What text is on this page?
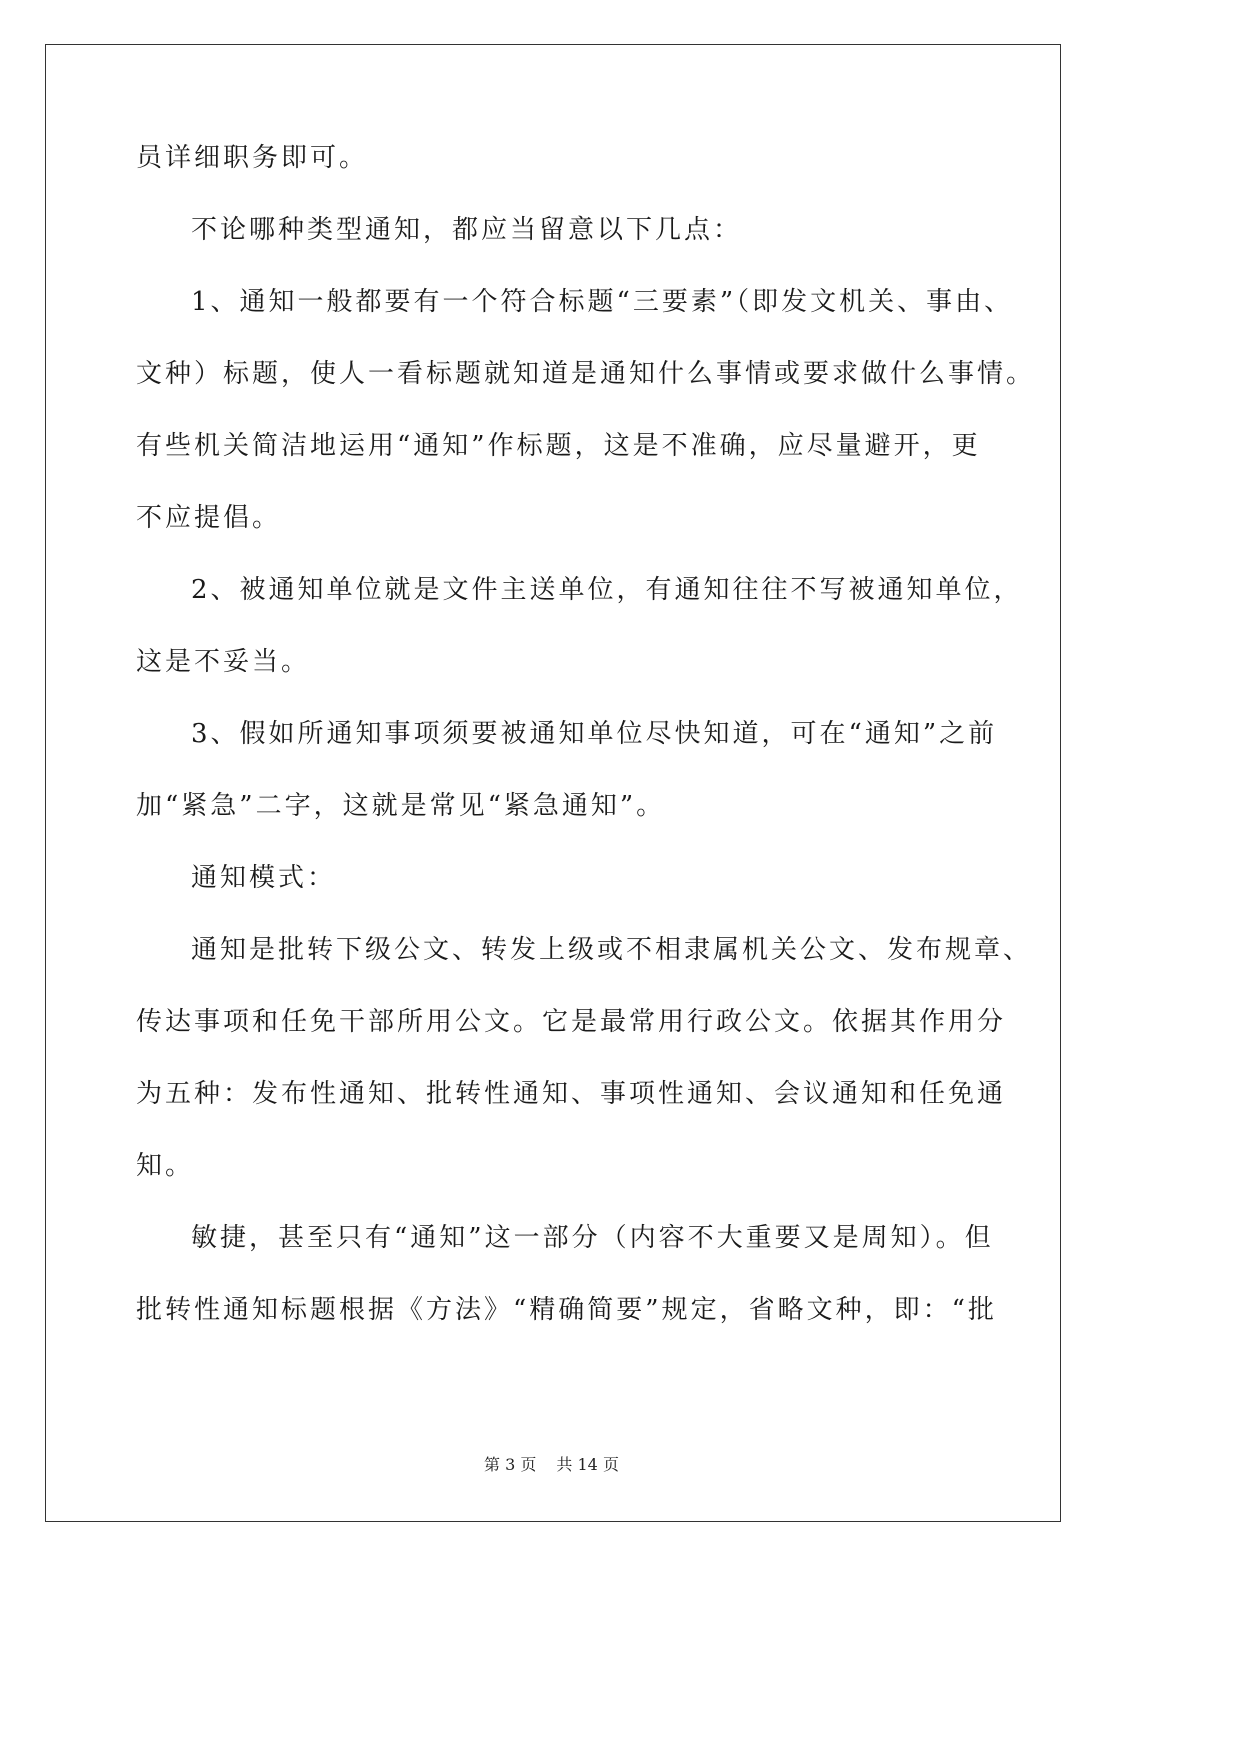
员详细职务即可。
不论哪种类型通知，都应当留意以下几点：
1、通知一般都要有一个符合标题“三要素”（即发文机关、事由、
文种）标题，使人一看标题就知道是通知什么事情或要求做什么事情。
有些机关简洁地运用“通知”作标题，这是不准确，应尽量避开，更
不应提倡。
2、被通知单位就是文件主送单位，有通知往往不写被通知单位，
这是不妥当。
3、假如所通知事项须要被通知单位尽快知道，可在“通知”之前
加“紧急”二字，这就是常见“紧急通知”。
通知模式：
通知是批转下级公文、转发上级或不相隶属机关公文、发布规章、
传达事项和任免干部所用公文。它是最常用行政公文。依据其作用分
为五种：发布性通知、批转性通知、事项性通知、会议通知和任免通
知。
敏捷，甚至只有“通知”这一部分（内容不大重要又是周知）。但
批转性通知标题根据《方法》“精确简要”规定，省略文种，即：“批
第 3 页 共 14 页
